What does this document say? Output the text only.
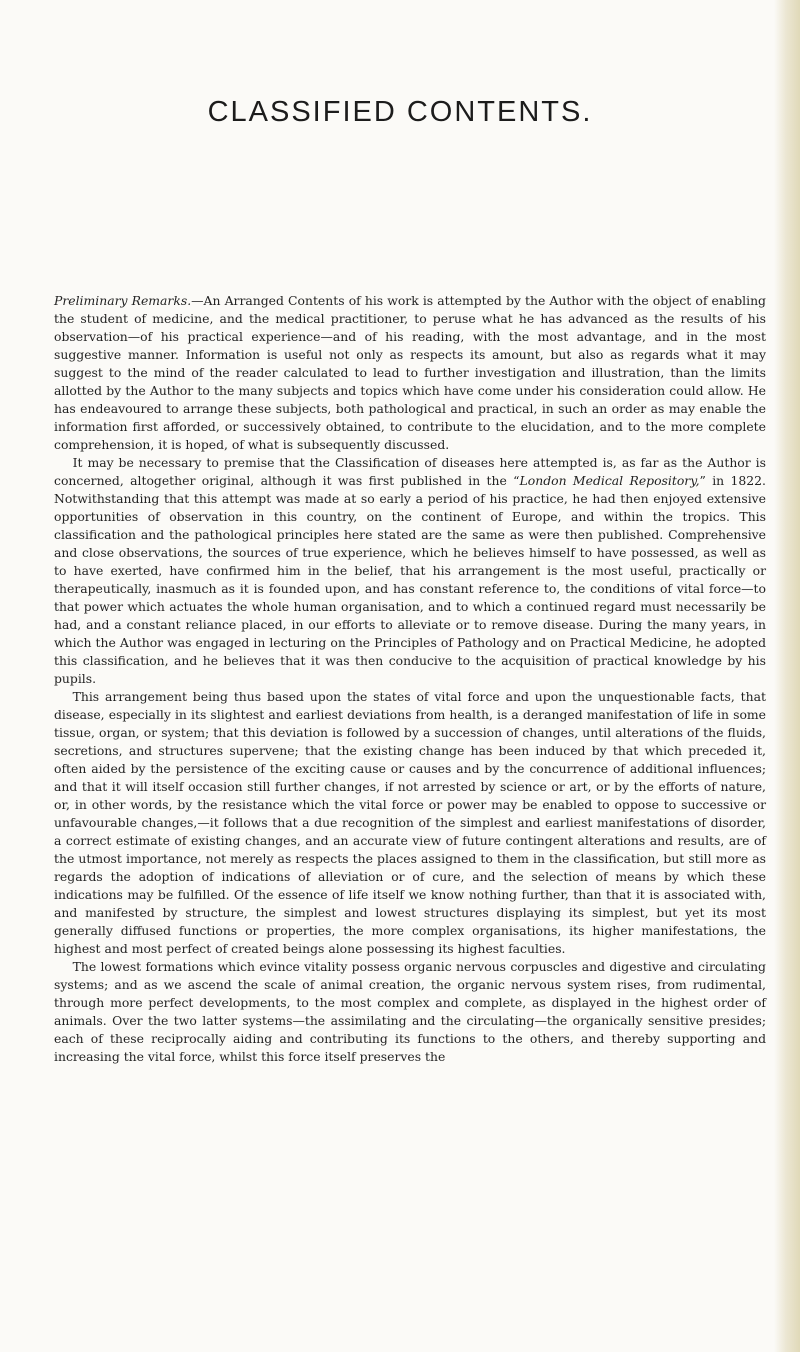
CLASSIFIED CONTENTS.

Preliminary Remarks.—An Arranged Contents of his work is attempted by the Author with the object of enabling the student of medicine, and the medical practitioner, to peruse what he has advanced as the results of his observation—of his practical experience—and of his reading, with the most advantage, and in the most suggestive manner. Information is useful not only as respects its amount, but also as regards what it may suggest to the mind of the reader calculated to lead to further investigation and illustration, than the limits allotted by the Author to the many subjects and topics which have come under his consideration could allow. He has endeavoured to arrange these subjects, both pathological and practical, in such an order as may enable the information first afforded, or successively obtained, to contribute to the elucidation, and to the more complete comprehension, it is hoped, of what is subsequently discussed.

It may be necessary to premise that the Classification of diseases here attempted is, as far as the Author is concerned, altogether original, although it was first published in the “London Medical Repository,” in 1822. Notwithstanding that this attempt was made at so early a period of his practice, he had then enjoyed extensive opportunities of observation in this country, on the continent of Europe, and within the tropics. This classification and the pathological principles here stated are the same as were then published. Comprehensive and close observations, the sources of true experience, which he believes himself to have possessed, as well as to have exerted, have confirmed him in the belief, that his arrangement is the most useful, practically or therapeutically, inasmuch as it is founded upon, and has constant reference to, the conditions of vital force—to that power which actuates the whole human organisation, and to which a continued regard must necessarily be had, and a constant reliance placed, in our efforts to alleviate or to remove disease. During the many years, in which the Author was engaged in lecturing on the Principles of Pathology and on Practical Medicine, he adopted this classification, and he believes that it was then conducive to the acquisition of practical knowledge by his pupils.

This arrangement being thus based upon the states of vital force and upon the unquestionable facts, that disease, especially in its slightest and earliest deviations from health, is a deranged manifestation of life in some tissue, organ, or system; that this deviation is followed by a succession of changes, until alterations of the fluids, secretions, and structures supervene; that the existing change has been induced by that which preceded it, often aided by the persistence of the exciting cause or causes and by the concurrence of additional influences; and that it will itself occasion still further changes, if not arrested by science or art, or by the efforts of nature, or, in other words, by the resistance which the vital force or power may be enabled to oppose to successive or unfavourable changes,—it follows that a due recognition of the simplest and earliest manifestations of disorder, a correct estimate of existing changes, and an accurate view of future contingent alterations and results, are of the utmost importance, not merely as respects the places assigned to them in the classification, but still more as regards the adoption of indications of alleviation or of cure, and the selection of means by which these indications may be fulfilled. Of the essence of life itself we know nothing further, than that it is associated with, and manifested by structure, the simplest and lowest structures displaying its simplest, but yet its most generally diffused functions or properties, the more complex organisations, its higher manifestations, the highest and most perfect of created beings alone possessing its highest faculties.

The lowest formations which evince vitality possess organic nervous corpuscles and digestive and circulating systems; and as we ascend the scale of animal creation, the organic nervous system rises, from rudimental, through more perfect developments, to the most complex and complete, as displayed in the highest order of animals. Over the two latter systems—the assimilating and the circulating—the organically sensitive presides; each of these reciprocally aiding and contributing its functions to the others, and thereby supporting and increasing the vital force, whilst this force itself preserves the
